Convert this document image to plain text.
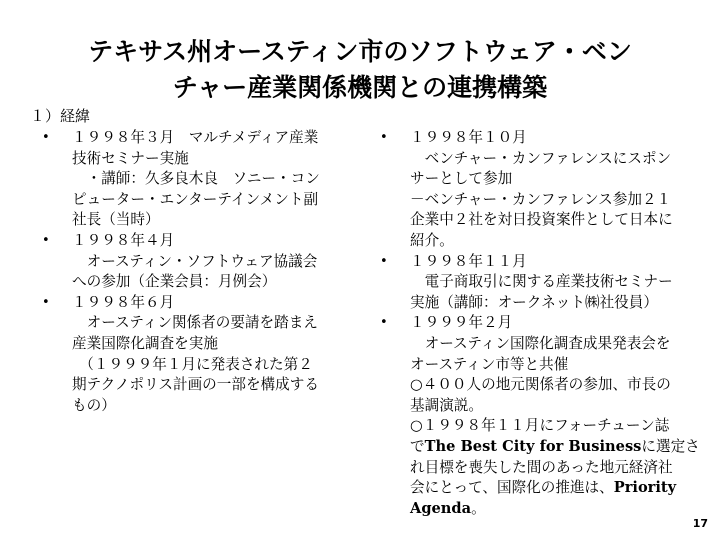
テキサス州オースティン市のソフトウェア・ベン
チャー産業関係機関との連携構築
１）経緯
• １９９８年３月　マルチメディア産業
技術セミナー実施
　・講師：久多良木良　ソニー・コン
ピューター・エンターテインメント副
社長（当時）
• １９９８年４月
　オースティン・ソフトウェア協議会
への参加（企業会員：月例会）
• １９９８年６月
　オースティン関係者の要請を踏まえ
産業国際化調査を実施
　（１９９９年１月に発表された第２
期テクノポリス計画の一部を構成する
もの）
• １９９８年１０月
　ベンチャー・カンファレンスにスポン
サーとして参加
－ベンチャー・カンファレンス参加２１
企業中２社を対日投資案件として日本に
紹介。
• １９９８年１１月
　電子商取引に関する産業技術セミナー
実施（講師：オークネット㈱社役員）
• １９９９年２月
　オースティン国際化調査成果発表会を
オースティン市等と共催
○４００人の地元関係者の参加、市長の
基調演説。
○１９９８年１１月にフォーチューン誌
でThe Best City for Businessに選定さ
れ目標を喪失した間のあった地元経済社
会にとって、国際化の推進は、Priority
Agenda。
17
